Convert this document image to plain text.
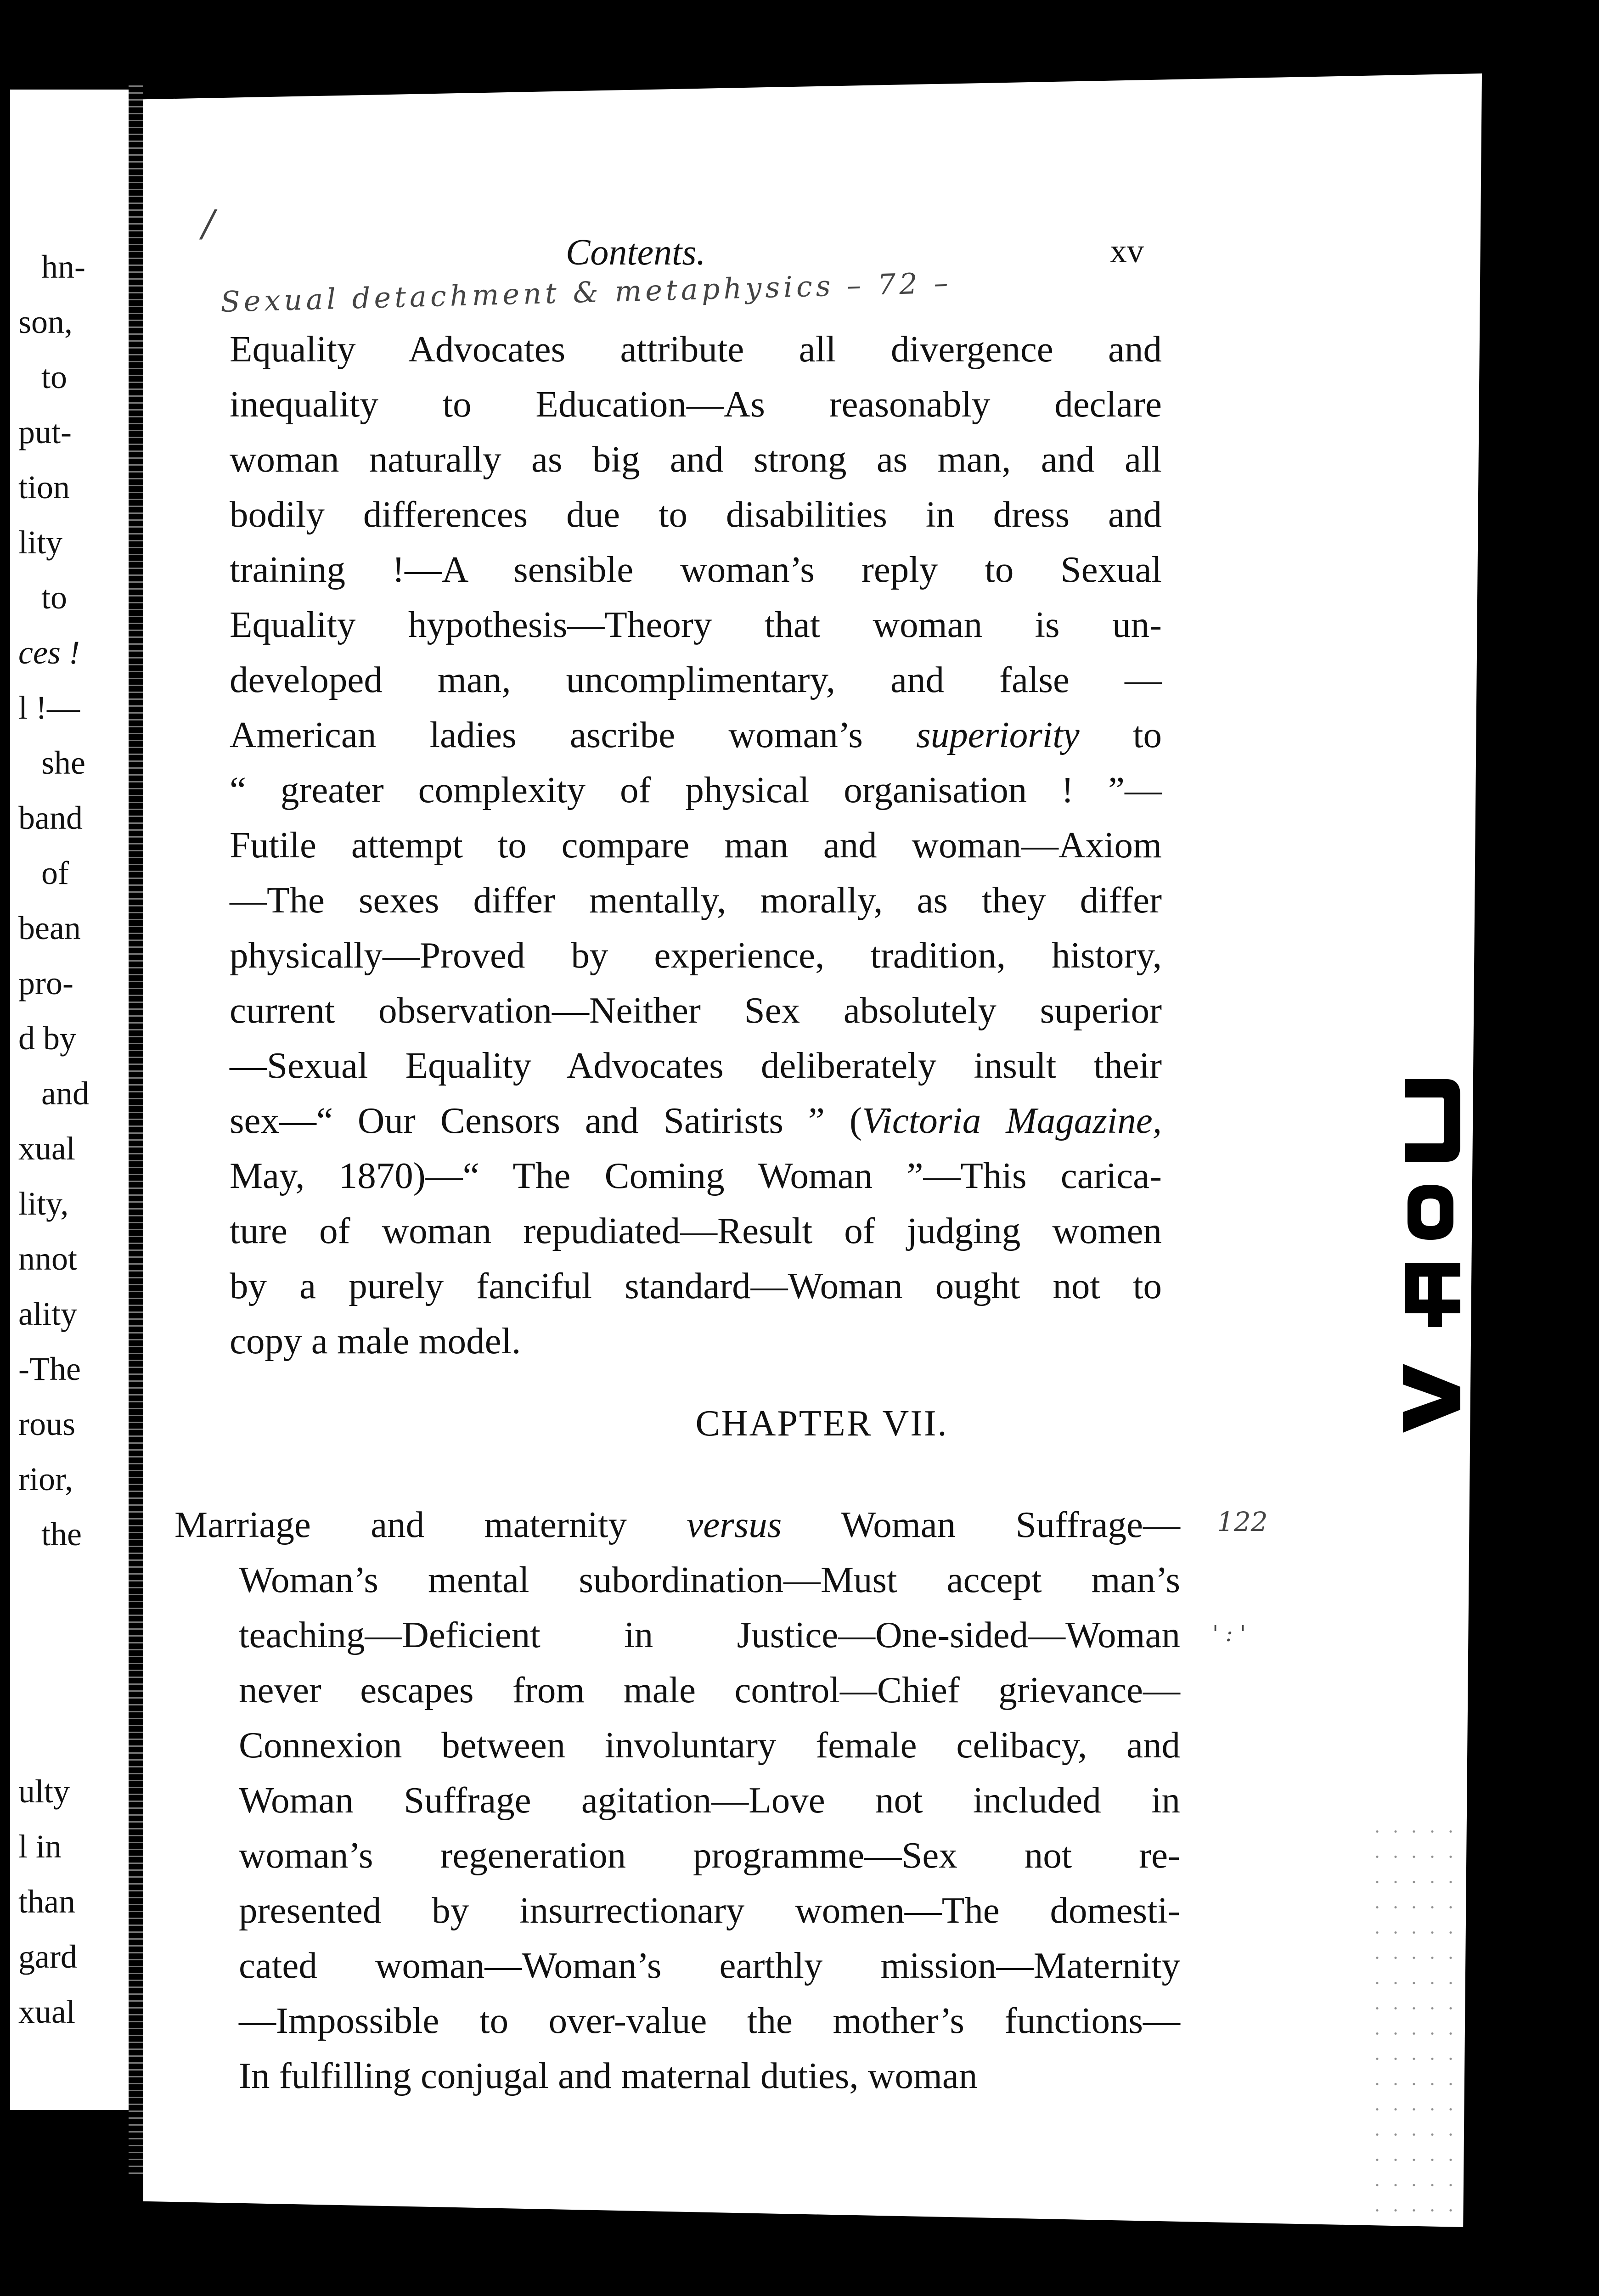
hn-

son,

to

put-

tion

lity

to

ces !

l !—

she

band

of

bean

pro-

d by

and

xual

lity,

nnot

ality

-The

rous

rior,

the

ulty

l in

than

gard

xual

Contents.	xv

/

Sexual detachment & metaphysics – 72 –

Equality Advocates attribute all divergence and
inequality to Education—As reasonably declare
woman naturally as big and strong as man, and all
bodily differences due to disabilities in dress and
training !—A sensible woman’s reply to Sexual
Equality hypothesis—Theory that woman is un-
developed man, uncomplimentary, and false —
American ladies ascribe woman’s superiority to
“ greater complexity of physical organisation ! ”—
Futile attempt to compare man and woman—Axiom
—The sexes differ mentally, morally, as they differ
physically—Proved by experience, tradition, history,
current observation—Neither Sex absolutely superior
—Sexual Equality Advocates deliberately insult their
sex—“ Our Censors and Satirists ” (Victoria Magazine,
May, 1870)—“ The Coming Woman ”—This carica-
ture of woman repudiated—Result of judging women
by a purely fanciful standard—Woman ought not to
copy a male model.
CHAPTER VII.
Marriage and maternity versus Woman Suffrage—
Woman’s mental subordination—Must accept man’s
teaching—Deficient in Justice—One-sided—Woman
never escapes from male control—Chief grievance—
Connexion between involuntary female celibacy, and
Woman Suffrage agitation—Love not included in
woman’s regeneration programme—Sex not re-
presented by insurrectionary women—The domesti-
cated woman—Woman’s earthly mission—Maternity
—Impossible to over-value the mother’s functions—
In fulfilling conjugal and maternal duties, woman

122

' : '
